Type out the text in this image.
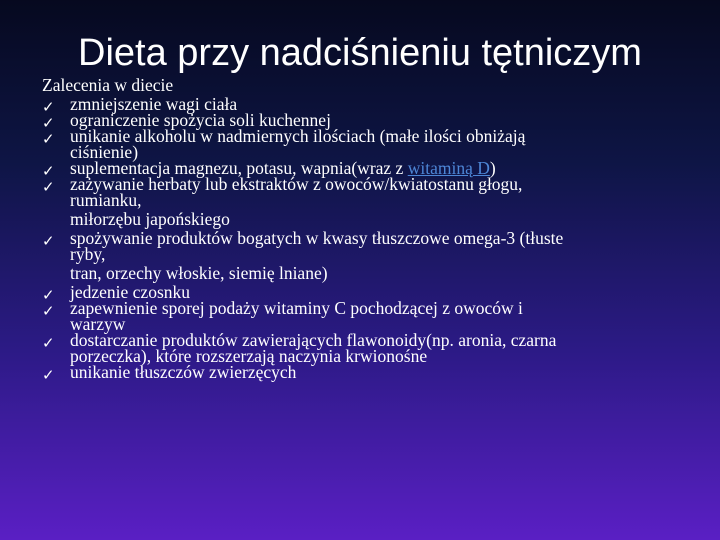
Dieta przy nadciśnieniu tętniczym

Zalecenia w diecie

✓ zmniejszenie wagi ciała
✓ ograniczenie spożycia soli kuchennej
✓ unikanie alkoholu w nadmiernych ilościach (małe ilości obniżają
ciśnienie)
✓ suplementacja magnezu, potasu, wapnia(wraz z witaminą D)
✓ zażywanie herbaty lub ekstraktów z owoców/kwiatostanu głogu,
rumianku,
miłorzębu japońskiego
✓ spożywanie produktów bogatych w kwasy tłuszczowe omega-3 (tłuste
ryby,
tran, orzechy włoskie, siemię lniane)
✓ jedzenie czosnku
✓ zapewnienie sporej podaży witaminy C pochodzącej z owoców i
warzyw
✓ dostarczanie produktów zawierających flawonoidy(np. aronia, czarna
porzeczka), które rozszerzają naczynia krwionośne
✓ unikanie tłuszczów zwierzęcych
